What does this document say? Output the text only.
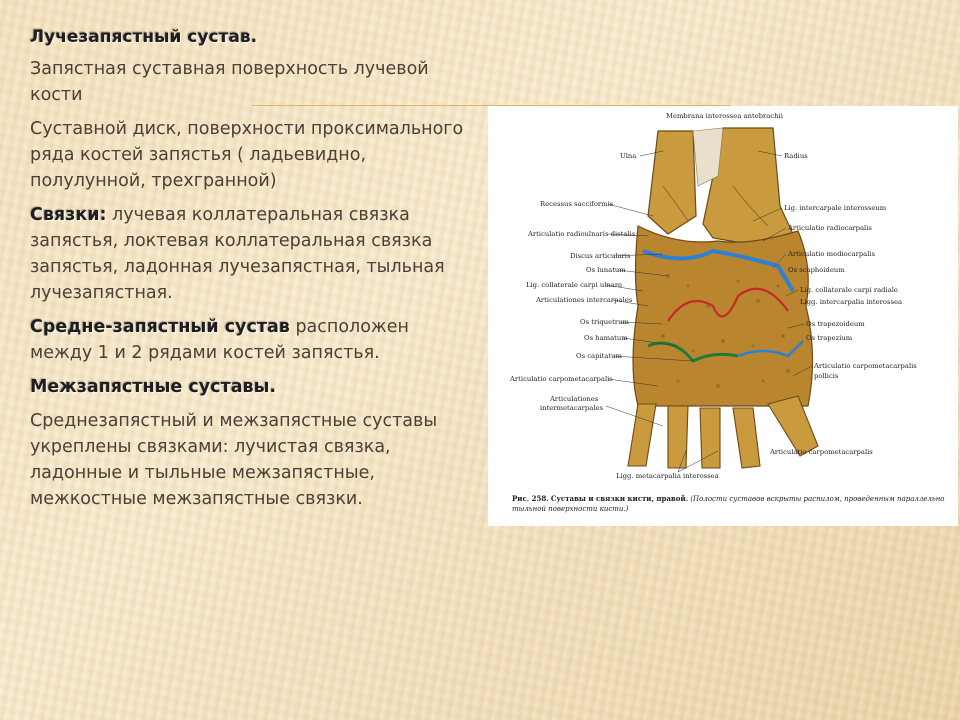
Лучезапястный сустав.

Запястная суставная поверхность лучевой кости

Суставной диск, поверхности проксимального ряда костей запястья ( ладьевидно, полулунной, трехгранной)

Связки: лучевая коллатеральная связка запястья, локтевая коллатеральная связка запястья, ладонная лучезапястная, тыльная лучезапястная.

Средне-запястный сустав расположен между 1 и 2 рядами костей запястья.

Межзапястные суставы.

Среднезапястный и межзапястные суставы укреплены связками: лучистая связка, ладонные и тыльные межзапястные, межкостные межзапястные связки.

Membrana interossea antebrachii
Ulna
Recessus sacciformis
Articulatio radioulnaris distalis
Discus articularis
Os lunatum
Lig. collaterale carpi ulnare
Articulationes intercarpales
Os triquetrum
Os hamatum
Os capitatum
Articulatio carpometacarpalis
Articulationes
intermetacarpales
Radius
Lig. intercarpale interosseum
Articulatio radiocarpalis
Articulatio mediocarpalis
Os scaphoideum
Lig. collaterale carpi radiale
Ligg. intercarpalia interossea
Os trapezoideum
Os trapezium
Articulatio carpometacarpalis
pollicis
Articulatio carpometacarpalis
Ligg. metacarpalia interossea
Рис. 258. Суставы и связки кисти, правой. (Полости суставов вскрыты распилом, проведенным параллельно тыльной поверхности кисти.)
